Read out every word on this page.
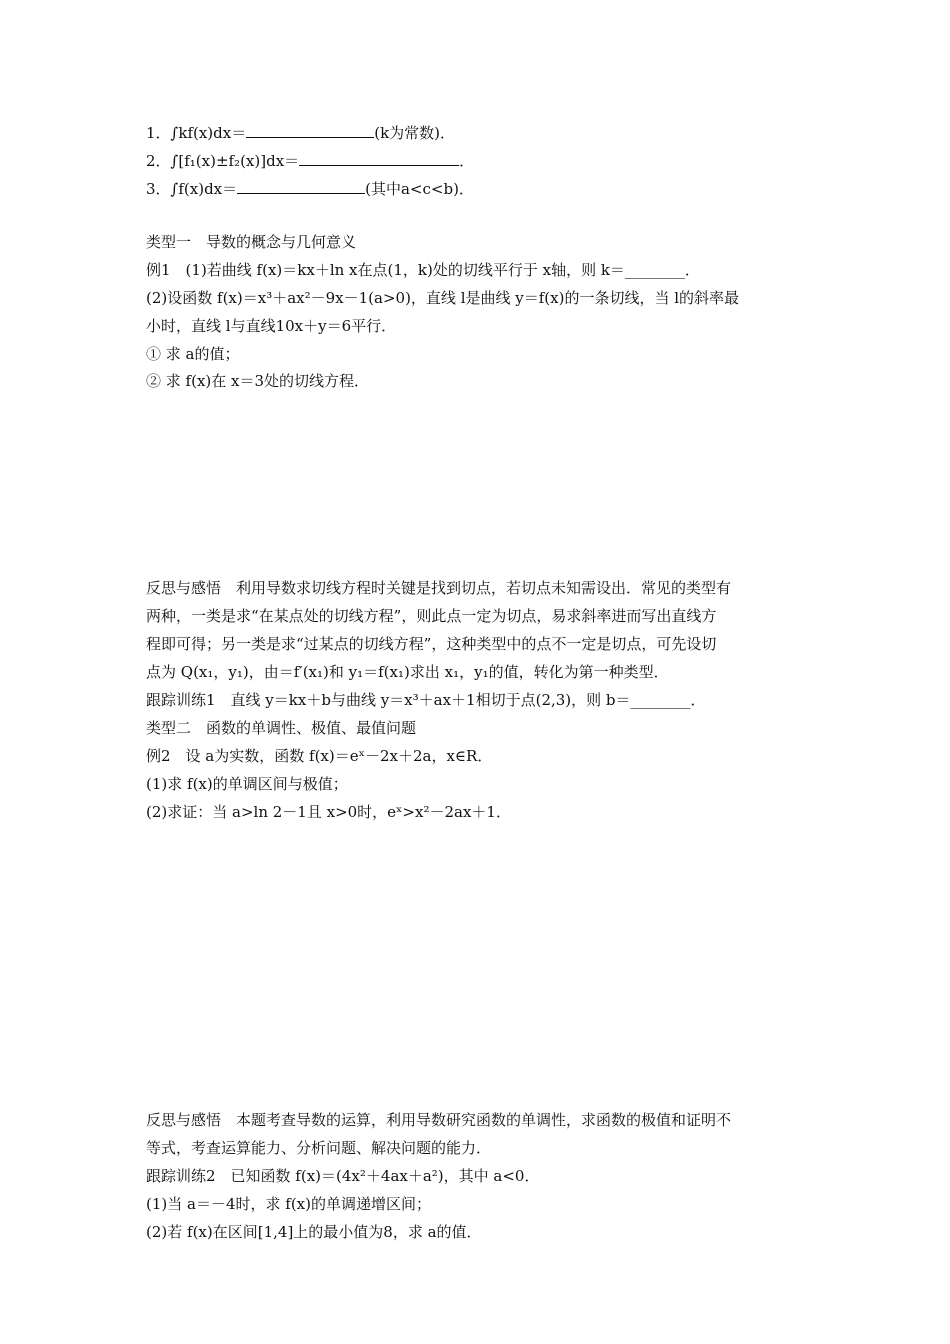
1．∫kf(x)dx＝	(k为常数)．
2．∫[f₁(x)±f₂(x)]dx＝	．
3．∫f(x)dx＝	(其中a<c<b)．
类型一　导数的概念与几何意义
例1　(1)若曲线 f(x)＝kx＋ln x在点(1，k)处的切线平行于 x轴，则 k＝________．
(2)设函数 f(x)＝x³＋ax²－9x－1(a>0)，直线 l是曲线 y＝f(x)的一条切线，当 l的斜率最
小时，直线 l与直线10x＋y＝6平行．
① 求 a的值；
② 求 f(x)在 x＝3处的切线方程．
反思与感悟　利用导数求切线方程时关键是找到切点，若切点未知需设出．常见的类型有
两种，一类是求“在某点处的切线方程”，则此点一定为切点，易求斜率进而写出直线方
程即可得；另一类是求“过某点的切线方程”，这种类型中的点不一定是切点，可先设切
点为 Q(x₁，y₁)，由＝f′(x₁)和 y₁＝f(x₁)求出 x₁，y₁的值，转化为第一种类型．
跟踪训练1　直线 y＝kx＋b与曲线 y＝x³＋ax＋1相切于点(2,3)，则 b＝________．
类型二　函数的单调性、极值、最值问题
例2　设 a为实数，函数 f(x)＝eˣ－2x＋2a，x∈R．
(1)求 f(x)的单调区间与极值；
(2)求证：当 a>ln 2－1且 x>0时，eˣ>x²－2ax＋1．
反思与感悟　本题考查导数的运算，利用导数研究函数的单调性，求函数的极值和证明不
等式，考查运算能力、分析问题、解决问题的能力．
跟踪训练2　已知函数 f(x)＝(4x²＋4ax＋a²)，其中 a<0．
(1)当 a＝－4时，求 f(x)的单调递增区间；
(2)若 f(x)在区间[1,4]上的最小值为8，求 a的值．
